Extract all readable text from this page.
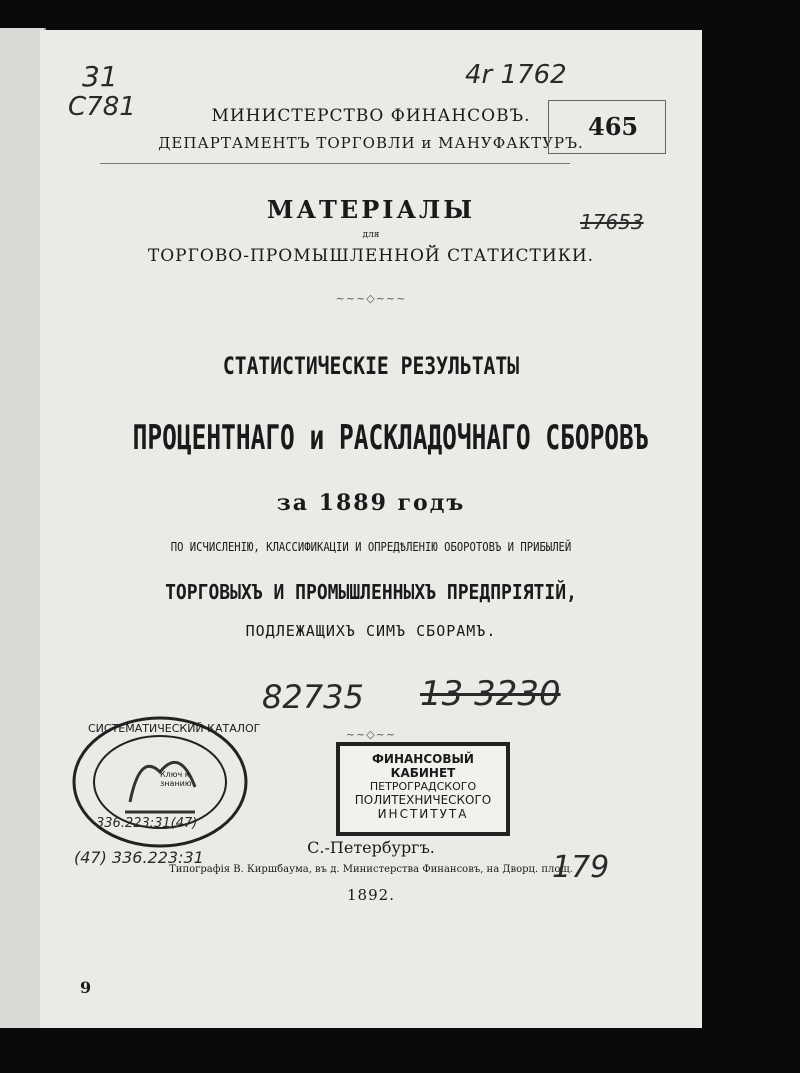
31
C781
4r 1762
МИНИСТЕРСТВО ФИНАНСОВЪ.
ДЕПАРТАМЕНТЪ ТОРГОВЛИ и МАНУФАКТУРЪ.
465
17653
МАТЕРІАЛЫ
для
ТОРГОВО-ПРОМЫШЛЕННОЙ СТАТИСТИКИ.
~~~◇~~~
СТАТИСТИЧЕСКІЕ РЕЗУЛЬТАТЫ
ПРОЦЕНТНАГО и РАСКЛАДОЧНАГО СБОРОВЪ
за 1889 годъ
ПО ИСЧИСЛЕНІЮ, КЛАССИФИКАЦІИ И ОПРЕДѢЛЕНІЮ ОБОРОТОВЪ И ПРИБЫЛЕЙ
ТОРГОВЫХЪ И ПРОМЫШЛЕННЫХЪ ПРЕДПРІЯТІЙ,
ПОДЛЕЖАЩИХЪ СИМЪ СБОРАМЪ.
82735 13 3230
~~◇~~
СИСТЕМАТИЧЕСКИЙ КАТАЛОГ
Ключ к знанию
336.223:31(47)
ФИНАНСОВЫЙ КАБИНЕТ
ПЕТРОГРАДСКОГО
ПОЛИТЕХНИЧЕСКОГО
ИНСТИТУТА
(47) 336.223:31	179
С.-Петербургъ.
Типографія В. Киршбаума, въ д. Министерства Финансовъ, на Дворц. площ.
1892.
9
